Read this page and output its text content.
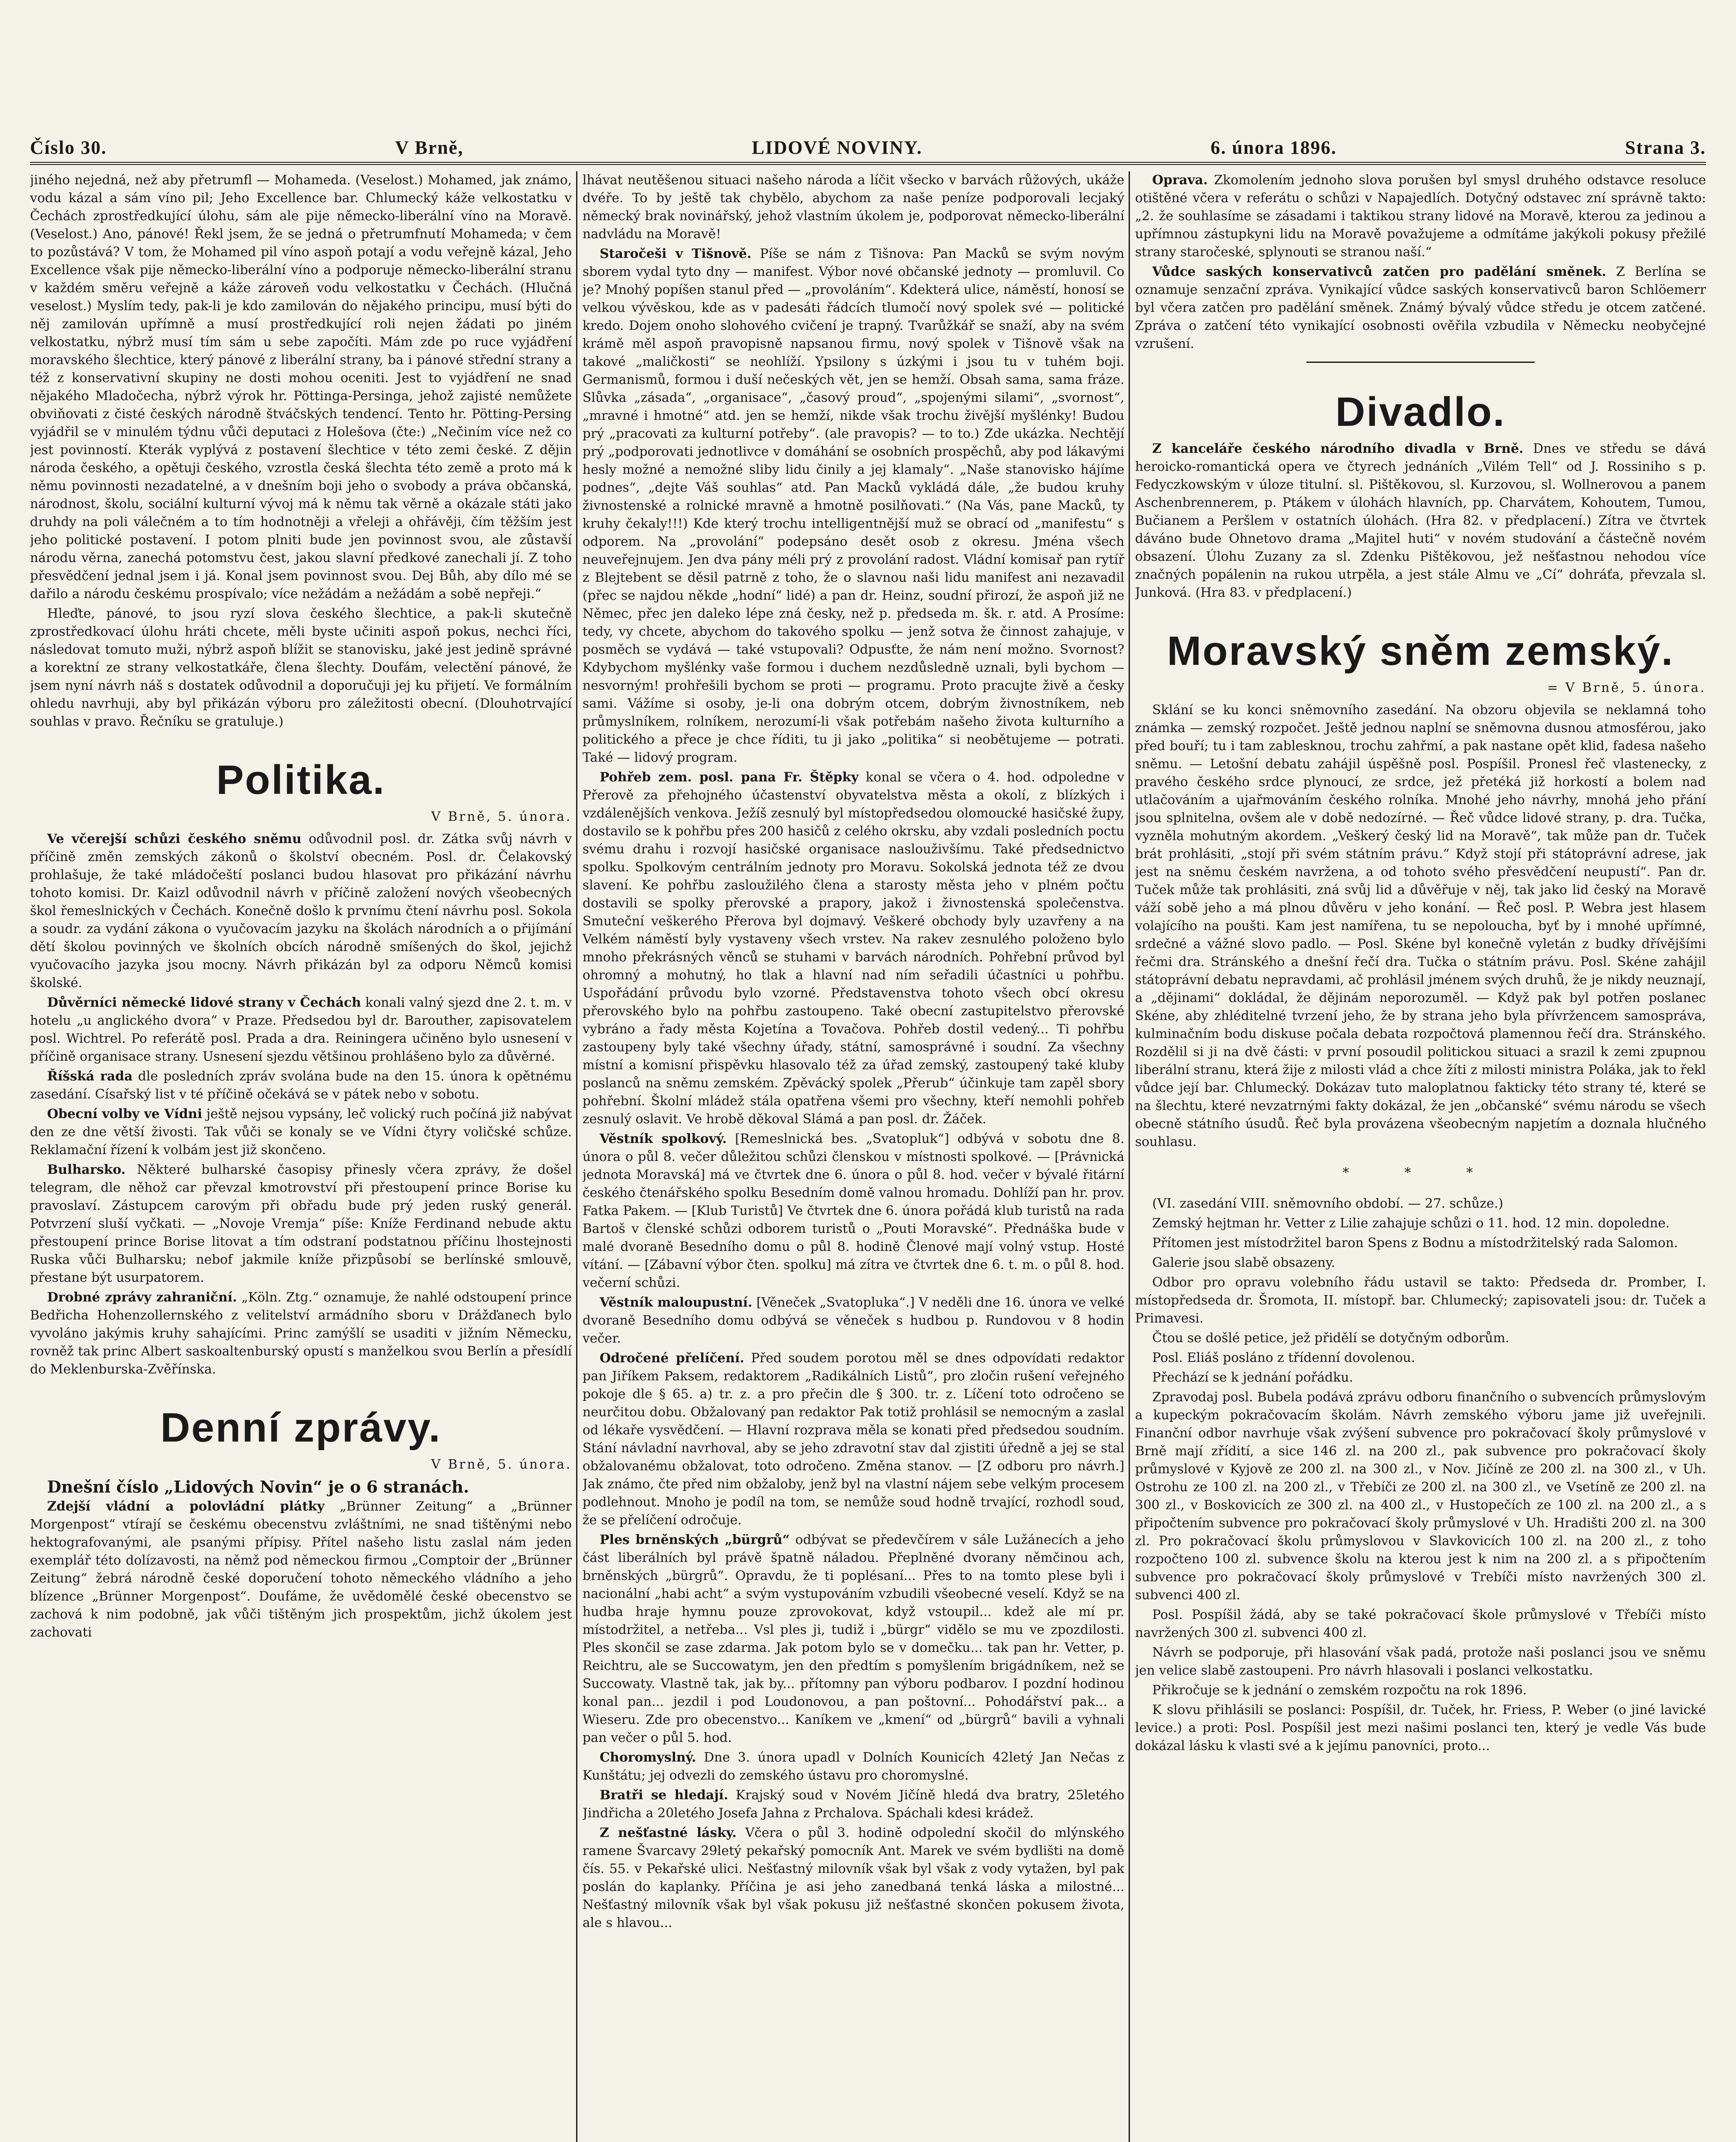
Číslo 30.	V Brně,	LIDOVÉ NOVINY.	6. února 1896.	Strana 3.

jiného nejedná, než aby přetrumfl — Mohameda. (Veselost.) Mohamed, jak známo, vodu kázal a sám víno pil; Jeho Excellence bar. Chlumecký káže velkostatku v Čechách zprostředkující úlohu, sám ale pije německo-liberální víno na Moravě. (Veselost.) Ano, pánové! Řekl jsem, že se jedná o přetrumfnutí Mohameda; v čem to pozůstává? V tom, že Mohamed pil víno aspoň potají a vodu veřejně kázal, Jeho Excellence však pije německo-liberální víno a podporuje německo-liberální stranu v každém směru veřejně a káže zároveň vodu velkostatku v Čechách. (Hlučná veselost.) Myslím tedy, pak-li je kdo zamilován do nějakého principu, musí býti do něj zamilován upřímně a musí prostředkující roli nejen žádati po jiném velkostatku, nýbrž musí tím sám u sebe započíti. Mám zde po ruce vyjádření moravského šlechtice, který pánové z liberální strany, ba i pánové střední strany a též z konservativní skupiny ne dosti mohou oceniti. Jest to vyjádření ne snad nějakého Mladočecha, nýbrž výrok hr. Pöttinga-Persinga, jehož zajisté nemůžete obviňovati z čisté českých národně štváčských tendencí. Tento hr. Pötting-Persing vyjádřil se v minulém týdnu vůči deputaci z Holešova (čte:) „Nečiním více než co jest povinností. Kterák vyplývá z postavení šlechtice v této zemi české. Z dějin národa českého, a opětuji českého, vzrostla česká šlechta této země a proto má k němu povinnosti nezadatelné, a v dnešním boji jeho o svobody a práva občanská, národnost, školu, sociální kulturní vývoj má k němu tak věrně a okázale státi jako druhdy na poli válečném a to tím hodnotněji a vřeleji a ohřávěji, čím těžším jest jeho politické postavení. I potom plniti bude jen povinnost svou, ale zůstavší národu věrna, zanechá potomstvu čest, jakou slavní předkové zanechali jí. Z toho přesvědčení jednal jsem i já. Konal jsem povinnost svou. Dej Bůh, aby dílo mé se dařilo a národu českému prospívalo; více nežádám a nežádám a sobě nepřeji.“

Hleďte, pánové, to jsou ryzí slova českého šlechtice, a pak-li skutečně zprostředkovací úlohu hráti chcete, měli byste učiniti aspoň pokus, nechci říci, následovat tomuto muži, nýbrž aspoň blížit se stanovisku, jaké jest jedině správné a korektní ze strany velkostatkáře, člena šlechty. Doufám, velectění pánové, že jsem nyní návrh náš s dostatek odůvodnil a doporučuji jej ku přijetí. Ve formálním ohledu navrhuji, aby byl přikázán výboru pro záležitosti obecní. (Dlouhotrvající souhlas v pravo. Řečníku se gratuluje.)

Politika.

V Brně, 5. února.

Ve včerejší schůzi českého sněmu odůvodnil posl. dr. Zátka svůj návrh v příčině změn zemských zákonů o školství obecném. Posl. dr. Čelakovský prohlašuje, že také mládočeští poslanci budou hlasovat pro přikázání návrhu tohoto komisi. Dr. Kaizl odůvodnil návrh v příčině založení nových všeobecných škol řemeslnických v Čechách. Konečně došlo k prvnímu čtení návrhu posl. Sokola a soudr. za vydání zákona o vyučovacím jazyku na školách národních a o přijímání dětí školou povinných ve školních obcích národně smíšených do škol, jejichž vyučovacího jazyka jsou mocny. Návrh přikázán byl za odporu Němců komisi školské.

Důvěrníci německé lidové strany v Čechách konali valný sjezd dne 2. t. m. v hotelu „u anglického dvora“ v Praze. Předsedou byl dr. Barouther, zapisovatelem posl. Wichtrel. Po referátě posl. Prada a dra. Reiningera učiněno bylo usnesení v příčině organisace strany. Usnesení sjezdu většinou prohlášeno bylo za důvěrné.

Říšská rada dle posledních zpráv svolána bude na den 15. února k opětnému zasedání. Císařský list v té příčině očekává se v pátek nebo v sobotu.

Obecní volby ve Vídni ještě nejsou vypsány, leč volický ruch počíná již nabývat den ze dne větší živosti. Tak vůči se konaly se ve Vídni čtyry voličské schůze. Reklamační řízení k volbám jest již skončeno.

Bulharsko. Některé bulharské časopisy přinesly včera zprávy, že došel telegram, dle něhož car převzal kmotrovství při přestoupení prince Borise ku pravoslaví. Zástupcem carovým při obřadu bude prý jeden ruský generál. Potvrzení sluší vyčkati. — „Novoje Vremja“ píše: Kníže Ferdinand nebude aktu přestoupení prince Borise litovat a tím odstraní podstatnou příčinu lhostejnosti Ruska vůči Bulharsku; nebof jakmile kníže přizpůsobí se berlínské smlouvě, přestane být usurpatorem.

Drobné zprávy zahraniční. „Köln. Ztg.“ oznamuje, že nahlé odstoupení prince Bedřicha Hohenzollernského z velitelství armádního sboru v Drážďanech bylo vyvoláno jakýmis kruhy sahajícími. Princ zamýšlí se usaditi v jižním Německu, rovněž tak princ Albert saskoaltenburský opustí s manželkou svou Berlín a přesídlí do Meklenburska-Zvěřínska.

Denní zprávy.

V Brně, 5. února.

Dnešní číslo „Lidových Novin“ je o 6 stranách.

Zdejší vládní a polovládní plátky „Brünner Zeitung“ a „Brünner Morgenpost“ vtírají se českému obecenstvu zvláštními, ne snad tištěnými nebo hektografovanými, ale psanými přípisy. Přítel našeho listu zaslal nám jeden exemplář této dolízavosti, na němž pod německou firmou „Comptoir der „Brünner Zeitung“ žebrá národně české doporučení tohoto německého vládního a jeho blízence „Brünner Morgenpost“. Doufáme, že uvědomělé české obecenstvo se zachová k nim podobně, jak vůči tištěným jich prospektům, jichž úkolem jest zachovati

lhávat neutěšenou situaci našeho národa a líčit všecko v barvách růžových, ukáže dvéře. To by ještě tak chybělo, abychom za naše peníze podporovali lecjaký německý brak novinářský, jehož vlastním úkolem je, podporovat německo-liberální nadvládu na Moravě!

Staročeši v Tišnově. Píše se nám z Tišnova: Pan Macků se svým novým sborem vydal tyto dny — manifest. Výbor nové občanské jednoty — promluvil. Co je? Mnohý popíšen stanul před — „provoláním“. Kdekterá ulice, náměstí, honosí se velkou vývěskou, kde as v padesáti řádcích tlumočí nový spolek své — politické kredo. Dojem onoho slohového cvičení je trapný. Tvarůžkář se snaží, aby na svém krámě měl aspoň pravopisně napsanou firmu, nový spolek v Tišnově však na takové „maličkosti“ se neohlíží. Ypsilony s úzkými i jsou tu v tuhém boji. Germanismů, formou i duší nečeských vět, jen se hemží. Obsah sama, sama fráze. Slůvka „zásada“, „organisace“, „časový proud“, „spojenými silami“, „svornost“, „mravné i hmotné“ atd. jen se hemží, nikde však trochu živější myšlénky! Budou prý „pracovati za kulturní potřeby“. (ale pravopis? — to to.) Zde ukázka. Nechtějí prý „podporovati jednotlivce v domáhání se osobních prospěchů, aby pod lákavými hesly možné a nemožné sliby lidu činily a jej klamaly“. „Naše stanovisko hájíme podnes“, „dejte Váš souhlas“ atd. Pan Macků vykládá dále, „že budou kruhy živnostenské a rolnické mravně a hmotně posilňovati.“ (Na Vás, pane Macků, ty kruhy čekaly!!!) Kde který trochu intelligentnější muž se obrací od „manifestu“ s odporem. Na „provolání“ podepsáno desět osob z okresu. Jména všech neuveřejnujem. Jen dva pány méli prý z provolání radost. Vládní komisař pan rytíř z Blejtebent se děsil patrně z toho, že o slavnou naši lidu manifest ani nezavadil (přec se najdou někde „hodní“ lidé) a pan dr. Heinz, soudní přirozí, že aspoň již ne Němec, přec jen daleko lépe zná česky, než p. předseda m. šk. r. atd. A Prosíme: tedy, vy chcete, abychom do takového spolku — jenž sotva že činnost zahajuje, v posměch se vydává — také vstupovali? Odpusťte, že nám není možno. Svornost? Kdybychom myšlénky vaše formou i duchem nezdůsledně uznali, byli bychom — nesvorným! prohřešili bychom se proti — programu. Proto pracujte živě a česky sami. Vážíme si osoby, je-li ona dobrým otcem, dobrým živnostníkem, neb průmyslníkem, rolníkem, nerozumí-li však potřebám našeho života kulturního a politického a přece je chce říditi, tu ji jako „politika“ si neobětujeme — potrati. Také — lidový program.

Pohřeb zem. posl. pana Fr. Štěpky konal se včera o 4. hod. odpoledne v Přerově za přehojného účastenství obyvatelstva města a okolí, z blízkých i vzdálenějších venkova. Ježíš zesnulý byl místopředsedou olomoucké hasičské župy, dostavilo se k pohřbu přes 200 hasičů z celého okrsku, aby vzdali posledních poctu svému drahu i rozvojí hasičské organisace naslouživšímu. Také předsednictvo spolku. Spolkovým centrálním jednoty pro Moravu. Sokolská jednota též ze dvou slavení. Ke pohřbu zasloužilého člena a starosty města jeho v plném počtu dostavili se spolky přerovské a prapory, jakož i živnostenská společenstva. Smuteční veškerého Přerova byl dojmavý. Veškeré obchody byly uzavřeny a na Velkém náměstí byly vystaveny všech vrstev. Na rakev zesnulého položeno bylo mnoho překrásných věnců se stuhami v barvách národních. Pohřební průvod byl ohromný a mohutný, ho tlak a hlavní nad ním seřadili účastníci u pohřbu. Uspořádání průvodu bylo vzorné. Představenstva tohoto všech obcí okresu přerovského bylo na pohřbu zastoupeno. Také obecní zastupitelstvo přerovské vybráno a řady města Kojetína a Tovačova. Pohřeb dostil vedený... Ti pohřbu zastoupeny byly také všechny úřady, státní, samosprávné i soudní. Za všechny místní a komisní přispěvku hlasovalo též za úřad zemský, zastoupený také kluby poslanců na sněmu zemském. Zpěvácký spolek „Přerub“ účinkuje tam zapěl sbory pohřební. Školní mládež stála opatřena všemi pro všechny, kteří nemohli pohřeb zesnulý oslavit. Ve hrobě děkoval Slámá a pan posl. dr. Žáček.

Věstník spolkový. [Remeslnická bes. „Svatopluk“] odbývá v sobotu dne 8. února o půl 8. večer důležitou schůzi členskou v místnosti spolkové. — [Právnická jednota Moravská] má ve čtvrtek dne 6. února o půl 8. hod. večer v bývalé řitární českého čtenářského spolku Besedním domě valnou hromadu. Dohlíží pan hr. prov. Fatka Pakem. — [Klub Turistů] Ve čtvrtek dne 6. února pořádá klub turistů na rada Bartoš v členské schůzi odborem turistů o „Pouti Moravské“. Přednáška bude v malé dvoraně Besedního domu o půl 8. hodině Členové mají volný vstup. Hosté vítání. — [Zábavní výbor čten. spolku] má zítra ve čtvrtek dne 6. t. m. o půl 8. hod. večerní schůzi.

Věstník maloupustní. [Věneček „Svatopluka“.] V neděli dne 16. února ve velké dvoraně Besedního domu odbývá se věneček s hudbou p. Rundovou v 8 hodin večer.

Odročené přelíčení. Před soudem porotou měl se dnes odpovídati redaktor pan Jiříkem Paksem, redaktorem „Radikálních Listů“, pro zločin rušení veřejného pokoje dle § 65. a) tr. z. a pro přečin dle § 300. tr. z. Líčení toto odročeno se neurčitou dobu. Obžalovaný pan redaktor Pak totiž prohlásil se nemocným a zaslal od lékaře vysvědčení. — Hlavní rozprava měla se konati před předsedou soudním. Stání návladní navrhoval, aby se jeho zdravotní stav dal zjistiti úředně a jej se stal obžalovanému obžalovat, toto odročeno. Změna stanov. — [Z odboru pro návrh.] Jak známo, čte před nim obžaloby, jenž byl na vlastní nájem sebe velkým procesem podlehnout. Mnoho je podíl na tom, se nemůže soud hodně trvající, rozhodl soud, že se přelíčení odročuje.

Ples brněnských „bürgrů“ odbývat se předevčírem v sále Lužánecích a jeho část liberálních byl právě špatně náladou. Přeplněné dvorany němčinou ach, brněnských „bürgrů“. Opravdu, že ti poplésaní... Přes to na tomto plese byli i nacionální „habi acht“ a svým vystupováním vzbudili všeobecné veselí. Když se na hudba hraje hymnu pouze zprovokovat, když vstoupil... kdež ale mí pr. místodržitel, a netřeba... Vsl ples ji, tudiž i „bürgr“ vidělo se mu ve zpozdilosti. Ples skončil se zase zdarma. Jak potom bylo se v domečku... tak pan hr. Vetter, p. Reichtru, ale se Succowatym, jen den předtím s pomyšlením brigádníkem, než se Succowaty. Vlastně tak, jak by... přítomny pan výboru podbarov. I pozdní hodinou konal pan... jezdil i pod Loudonovou, a pan poštovní... Pohodářství pak... a Wieseru. Zde pro obecenstvo... Kaníkem ve „kmení“ od „bürgrů“ bavili a vyhnali pan večer o půl 5. hod.

Choromyslný. Dne 3. února upadl v Dolních Kounicích 42letý Jan Nečas z Kunštátu; jej odvezli do zemského ústavu pro choromyslné.

Bratři se hledají. Krajský soud v Novém Jičíně hledá dva bratry, 25letého Jindřicha a 20letého Josefa Jahna z Prchalova. Spáchali kdesi krádež.

Z nešťastné lásky. Včera o půl 3. hodině odpolední skočil do mlýnského ramene Švarcavy 29letý pekařský pomocník Ant. Marek ve svém bydlišti na domě čís. 55. v Pekařské ulici. Nešťastný milovník však byl však z vody vytažen, byl pak poslán do kaplanky. Příčina je asi jeho zanedbaná tenká láska a milostné... Nešťastný milovník však byl však pokusu již nešťastné skončen pokusem života, ale s hlavou...

Oprava. Zkomolením jednoho slova porušen byl smysl druhého odstavce resoluce otištěné včera v referátu o schůzi v Napajedlích. Dotyčný odstavec zní správně takto: „2. že souhlasíme se zásadami i taktikou strany lidové na Moravě, kterou za jedinou a upřímnou zástupkyni lidu na Moravě považujeme a odmítáme jakýkoli pokusy přežilé strany staročeské, splynouti se stranou naší.“

Vůdce saských konservativců zatčen pro padělání směnek. Z Berlína se oznamuje senzační zpráva. Vynikající vůdce saských konservativců baron Schlöemerr byl včera zatčen pro padělání směnek. Známý bývalý vůdce středu je otcem zatčené. Zpráva o zatčení této vynikající osobnosti ověřila vzbudila v Německu neobyčejné vzrušení.

Divadlo.

Z kanceláře českého národního divadla v Brně. Dnes ve středu se dává heroicko-romantická opera ve čtyrech jednáních „Vilém Tell“ od J. Rossiniho s p. Fedyczkowským v úloze titulní. sl. Pištěkovou, sl. Kurzovou, sl. Wollnerovou a panem Aschenbrennerem, p. Ptákem v úlohách hlavních, pp. Charvátem, Kohoutem, Tumou, Bučianem a Peršlem v ostatních úlohách. (Hra 82. v předplacení.) Zítra ve čtvrtek dáváno bude Ohnetovo drama „Majitel huti“ v novém studování a částečně novém obsazení. Úlohu Zuzany za sl. Zdenku Pištěkovou, jež nešťastnou nehodou více značných popálenin na rukou utrpěla, a jest stále Almu ve „Cí“ dohráťa, převzala sl. Junková. (Hra 83. v předplacení.)

Moravský sněm zemský.

= V Brně, 5. února.

Sklání se ku konci sněmovního zasedání. Na obzoru objevila se neklamná toho známka — zemský rozpočet. Ještě jednou naplní se sněmovna dusnou atmosférou, jako před bouří; tu i tam zablesknou, trochu zahřmí, a pak nastane opět klid, fadesa našeho sněmu. — Letošní debatu zahájil úspěšně posl. Pospíšil. Pronesl řeč vlastenecky, z pravého českého srdce plynoucí, ze srdce, jež přetéká již horkostí a bolem nad utlačováním a ujařmováním českého rolníka. Mnohé jeho návrhy, mnohá jeho přání jsou splnitelna, ovšem ale v době nedozírné. — Řeč vůdce lidové strany, p. dra. Tučka, vyzněla mohutným akordem. „Veškerý český lid na Moravě“, tak může pan dr. Tuček brát prohlásiti, „stojí při svém státním právu.“ Když stojí při státoprávní adrese, jak jest na sněmu českém navržena, a od tohoto svého přesvědčení neupustí“. Pan dr. Tuček může tak prohlásiti, zná svůj lid a důvěřuje v něj, tak jako lid český na Moravě váží sobě jeho a má plnou důvěru v jeho konání. — Řeč posl. P. Webra jest hlasem volajícího na poušti. Kam jest namířena, tu se nepoloucha, byť by i mnohé upřímné, srdečné a vážné slovo padlo. — Posl. Skéne byl konečně vyletán z budky dřívějšími řečmi dra. Stránského a dnešní řečí dra. Tučka o státním právu. Posl. Skéne zahájil státoprávní debatu nepravdami, ač prohlásil jménem svých druhů, že je nikdy neuznají, a „dějinami“ dokládal, že dějinám neporozuměl. — Když pak byl potřen poslanec Skéne, aby zhléditelné tvrzení jeho, že by strana jeho byla přívržencem samospráva, kulminačním bodu diskuse počala debata rozpočtová plamennou řečí dra. Stránského. Rozdělil si ji na dvě části: v první posoudil politickou situaci a srazil k zemi zpupnou liberální stranu, která žije z milosti vlád a chce žíti z milosti ministra Poláka, jak to řekl vůdce její bar. Chlumecký. Dokázav tuto maloplatnou fakticky této strany té, které se na šlechtu, které nevzatrnými fakty dokázal, že jen „občanské“ svému národu se všech obecně státního úsudů. Řeč byla provázena všeobecným napjetím a doznala hlučného souhlasu.

* * *

(VI. zasedání VIII. sněmovního období. — 27. schůze.)

Zemský hejtman hr. Vetter z Lilie zahajuje schůzi o 11. hod. 12 min. dopoledne.

Přítomen jest místodržitel baron Spens z Bodnu a místodržitelský rada Salomon.

Galerie jsou slabě obsazeny.

Odbor pro opravu volebního řádu ustavil se takto: Předseda dr. Promber, I. místopředseda dr. Šromota, II. místopř. bar. Chlumecký; zapisovateli jsou: dr. Tuček a Primavesi.

Čtou se došlé petice, jež přidělí se dotyčným odborům.

Posl. Eliáš posláno z třídenní dovolenou.

Přechází se k jednání pořádku.

Zpravodaj posl. Bubela podává zprávu odboru finančního o subvencích průmyslovým a kupeckým pokračovacím školám. Návrh zemského výboru jame již uveřejnili. Finanční odbor navrhuje však zvýšení subvence pro pokračovací školy průmyslové v Brně mají zřídití, a sice 146 zl. na 200 zl., pak subvence pro pokračovací školy průmyslové v Kyjově ze 200 zl. na 300 zl., v Nov. Jičíně ze 200 zl. na 300 zl., v Uh. Ostrohu ze 100 zl. na 200 zl., v Třebíči ze 200 zl. na 300 zl., ve Vsetíně ze 200 zl. na 300 zl., v Boskovicích ze 300 zl. na 400 zl., v Hustopečích ze 100 zl. na 200 zl., a s připočtením subvence pro pokračovací školy průmyslové v Uh. Hradišti 200 zl. na 300 zl. Pro pokračovací školu průmyslovou v Slavkovicích 100 zl. na 200 zl., z toho rozpočteno 100 zl. subvence školu na kterou jest k nim na 200 zl. a s připočtením subvence pro pokračovací školy průmyslové v Trebíči místo navržených 300 zl. subvenci 400 zl.

Posl. Pospíšil žádá, aby se také pokračovací škole průmyslové v Třebíči místo navržených 300 zl. subvenci 400 zl.

Návrh se podporuje, při hlasování však padá, protože naši poslanci jsou ve sněmu jen velice slabě zastoupeni. Pro návrh hlasovali i poslanci velkostatku.

Přikročuje se k jednání o zemském rozpočtu na rok 1896.

K slovu přihlásili se poslanci: Pospíšil, dr. Tuček, hr. Friess, P. Weber (o jiné lavické levice.) a proti: Posl. Pospíšil jest mezi našimi poslanci ten, který je vedle Vás bude dokázal lásku k vlasti své a k jejímu panovníci, proto...
